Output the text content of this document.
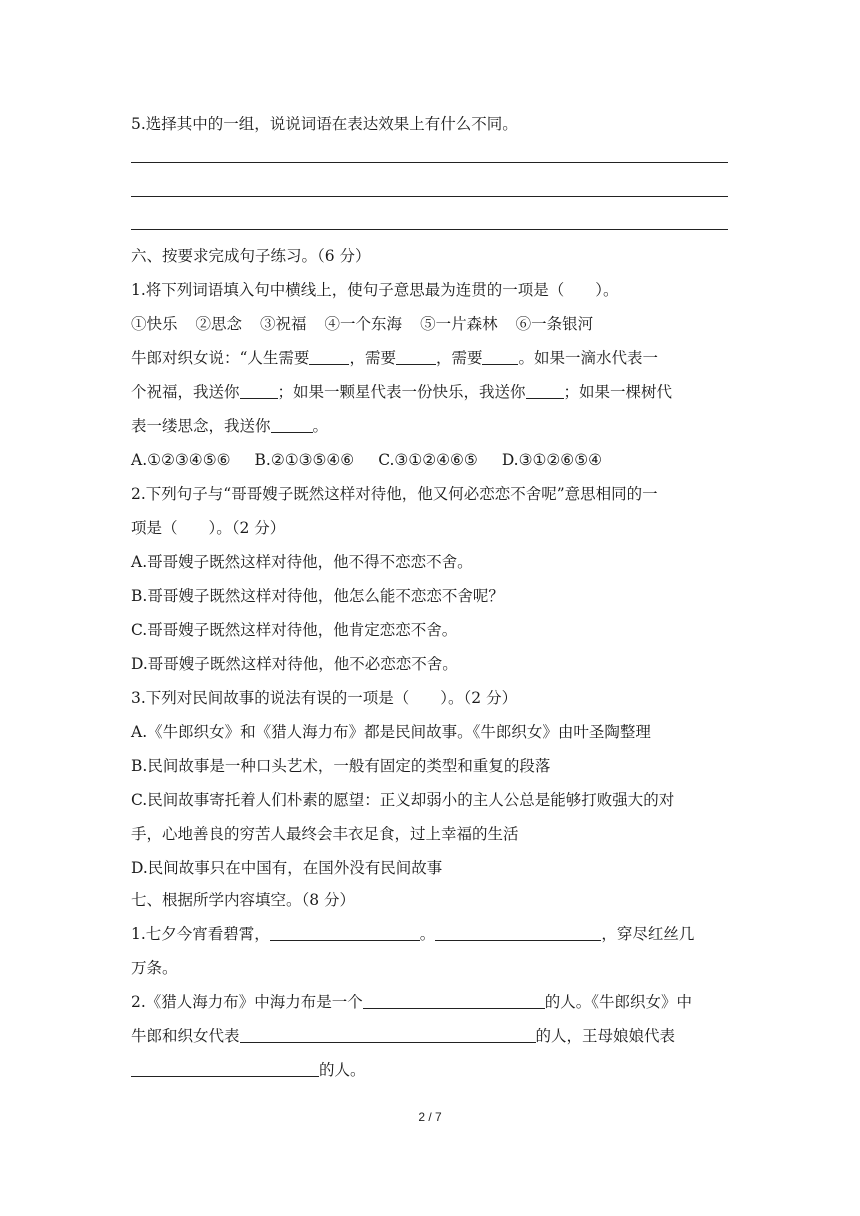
5.选择其中的一组，说说词语在表达效果上有什么不同。
六、按要求完成句子练习。（6 分）
1.将下列词语填入句中横线上，使句子意思最为连贯的一项是（　　）。
①快乐 ②思念 ③祝福 ④一个东海 ⑤一片森林 ⑥一条银河
牛郎对织女说：“人生需要	，需要	，需要 。如果一滴水代表一
个祝福，我送你 ；如果一颗星代表一份快乐，我送你 ；如果一棵树代
表一缕思念，我送你	。
A.①②③④⑤⑥ B.②①③⑤④⑥ C.③①②④⑥⑤ D.③①②⑥⑤④
2.下列句子与“哥哥嫂子既然这样对待他，他又何必恋恋不舍呢”意思相同的一
项是（　　）。（2 分）
A.哥哥嫂子既然这样对待他，他不得不恋恋不舍。
B.哥哥嫂子既然这样对待他，他怎么能不恋恋不舍呢？
C.哥哥嫂子既然这样对待他，他肯定恋恋不舍。
D.哥哥嫂子既然这样对待他，他不必恋恋不舍。
3.下列对民间故事的说法有误的一项是（　　）。（2 分）
A.《牛郎织女》和《猎人海力布》都是民间故事。《牛郎织女》由叶圣陶整理
B.民间故事是一种口头艺术，一般有固定的类型和重复的段落
C.民间故事寄托着人们朴素的愿望：正义却弱小的主人公总是能够打败强大的对
手，心地善良的穷苦人最终会丰衣足食，过上幸福的生活
D.民间故事只在中国有，在国外没有民间故事
七、根据所学内容填空。（8 分）
1.七夕今宵看碧霄，	。	，穿尽红丝几
万条。
2.《猎人海力布》中海力布是一个	的人。《牛郎织女》中
牛郎和织女代表	的人，王母娘娘代表
的人。
2 / 7
